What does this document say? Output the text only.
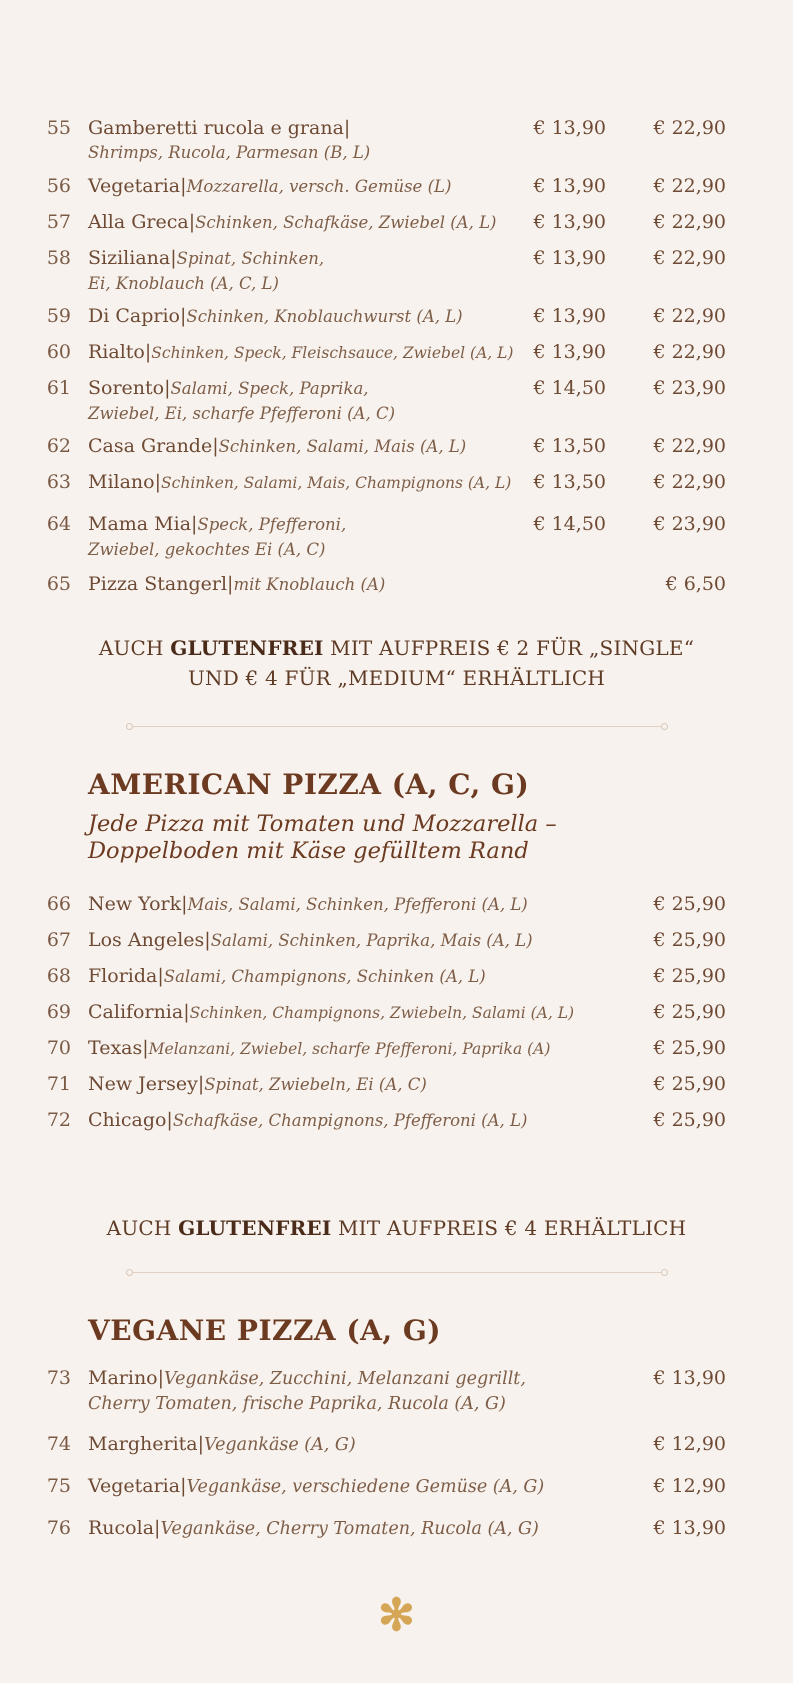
55 Gamberetti rucola e grana|
Shrimps, Rucola, Parmesan (B, L)
€ 13,90 € 22,90
56 Vegetaria|Mozzarella, versch. Gemüse (L)	€ 13,90 € 22,90
57 Alla Greca|Schinken, Schafkäse, Zwiebel (A, L)	€ 13,90 € 22,90
58 Siziliana|Spinat, Schinken, Ei, Knoblauch (A, C, L)
€ 13,90 € 22,90
59 Di Caprio|Schinken, Knoblauchwurst (A, L)	€ 13,90 € 22,90
60 Rialto|Schinken, Speck, Fleischsauce, Zwiebel (A, L)	€ 13,90 € 22,90
61 Sorento|Salami, Speck, Paprika, Zwiebel, Ei, scharfe Pfefferoni (A, C)
€ 14,50 € 23,90
62 Casa Grande|Schinken, Salami, Mais (A, L)	€ 13,50 € 22,90
63 Milano|Schinken, Salami, Mais, Champignons (A, L)	€ 13,50 € 22,90
64 Mama Mia|Speck, Pfefferoni, Zwiebel, gekochtes Ei (A, C)
€ 14,50 € 23,90
65 Pizza Stangerl|mit Knoblauch (A)	€ 6,50
AUCH GLUTENFREI MIT AUFPREIS € 2 FÜR „SINGLE“
UND € 4 FÜR „MEDIUM“ ERHÄLTLICH
AMERICAN PIZZA (A, C, G)
Jede Pizza mit Tomaten und Mozzarella –
Doppelboden mit Käse gefülltem Rand
66 New York|Mais, Salami, Schinken, Pfefferoni (A, L)	€ 25,90
67 Los Angeles|Salami, Schinken, Paprika, Mais (A, L)	€ 25,90
68 Florida|Salami, Champignons, Schinken (A, L)	€ 25,90
69 California|Schinken, Champignons, Zwiebeln, Salami (A, L)	€ 25,90
70 Texas|Melanzani, Zwiebel, scharfe Pfefferoni, Paprika (A)	€ 25,90
71 New Jersey|Spinat, Zwiebeln, Ei (A, C)	€ 25,90
72 Chicago|Schafkäse, Champignons, Pfefferoni (A, L)	€ 25,90
AUCH GLUTENFREI MIT AUFPREIS € 4 ERHÄLTLICH
VEGANE PIZZA (A, G)
73 Marino|Vegankäse, Zucchini, Melanzani gegrillt, Cherry Tomaten, frische Paprika, Rucola (A, G)
€ 13,90
74 Margherita|Vegankäse (A, G)	€ 12,90
75 Vegetaria|Vegankäse, verschiedene Gemüse (A, G)	€ 12,90
76 Rucola|Vegankäse, Cherry Tomaten, Rucola (A, G)	€ 13,90
✻
